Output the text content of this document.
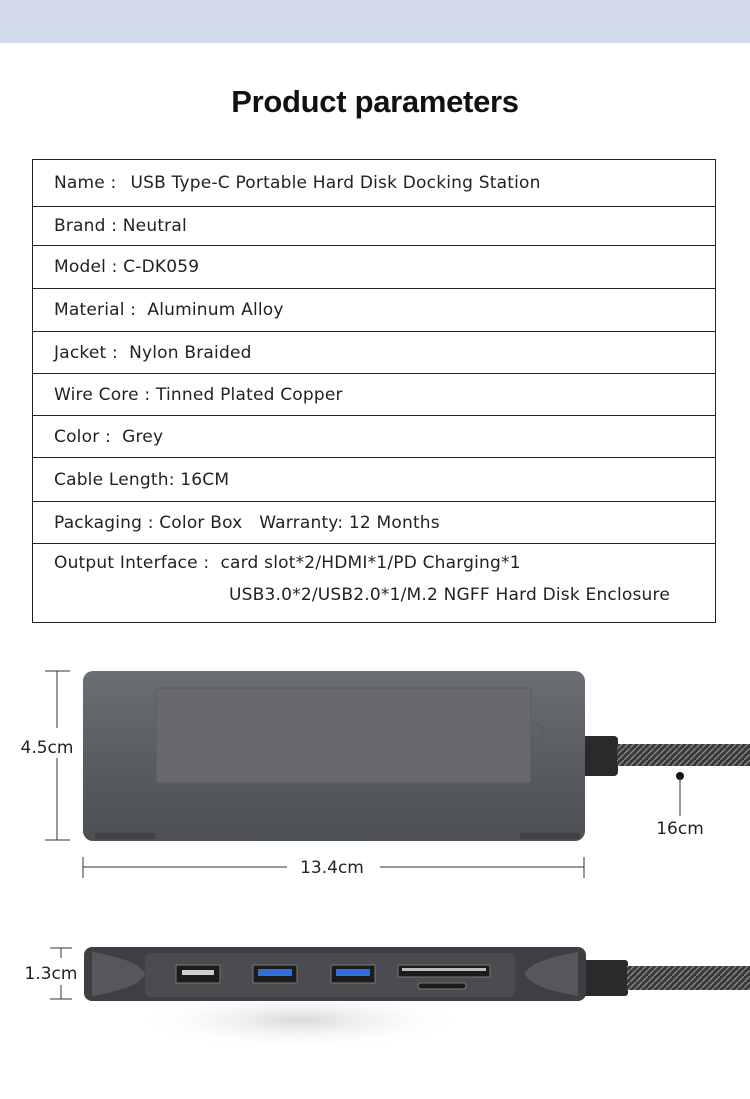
Product parameters
Name : USB Type-C Portable Hard Disk Docking Station
Brand : Neutral
Model : C-DK059
Material :  Aluminum Alloy
Jacket :  Nylon Braided
Wire Core : Tinned Plated Copper
Color :  Grey
Cable Length: 16CM
Packaging : Color Box   Warranty: 12 Months
Output Interface :  card slot*2/HDMI*1/PD Charging*1
USB3.0*2/USB2.0*1/M.2 NGFF Hard Disk Enclosure
4.5cm
13.4cm
16cm
1.3cm
